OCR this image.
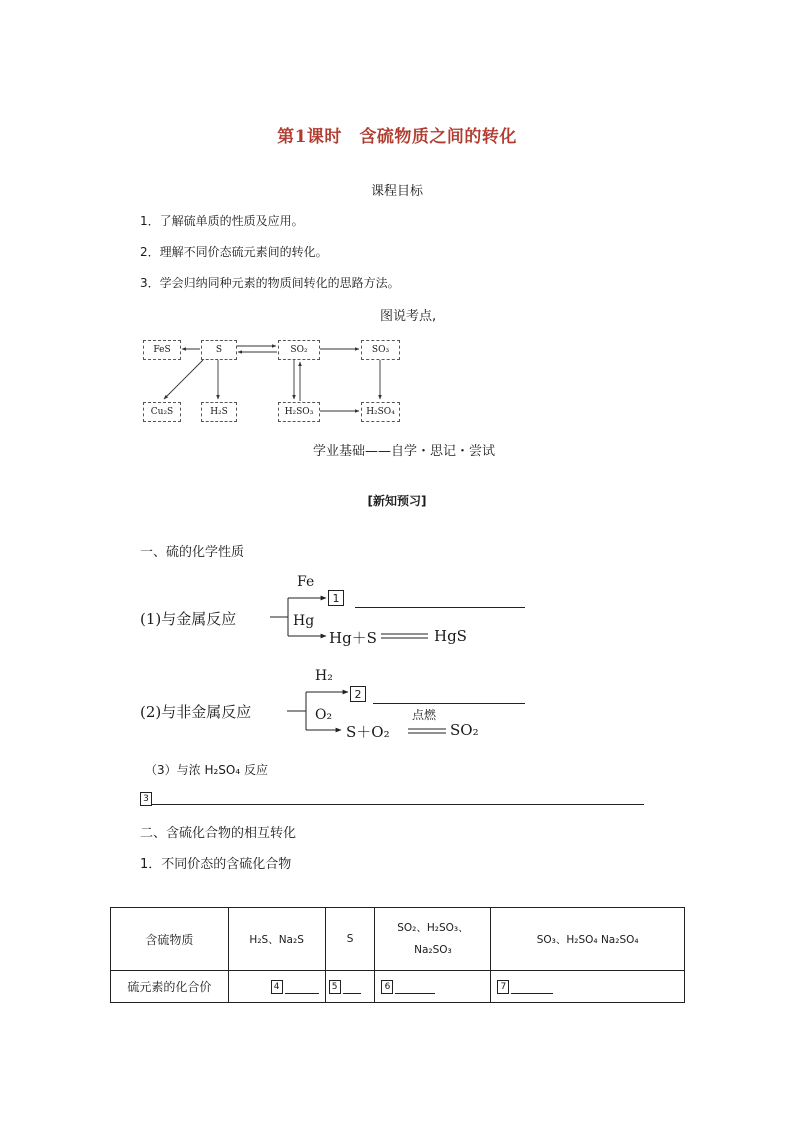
第1课时　含硫物质之间的转化
课程目标
1．了解硫单质的性质及应用。
2．理解不同价态硫元素间的转化。
3．学会归纳同种元素的物质间转化的思路方法。
图说考点,
FeS	S	SO₂	SO₃
Cu₂S	H₂S	H₂SO₃	H₂SO₄
学业基础——自学・思记・尝试
[新知预习]
一、硫的化学性质
(1)与金属反应
Fe
Hg
1
Hg＋S	HgS
(2)与非金属反应
H₂
O₂
2
S＋O₂
点燃
SO₂
（3）与浓 H₂SO₄ 反应
3
二、含硫化合物的相互转化
1．不同价态的含硫化合物
含硫物质	H₂S、Na₂S	S	SO₂、H₂SO₃、Na₂SO₃	SO₃、H₂SO₄ Na₂SO₄
硫元素的化合价	4	5	6	7
